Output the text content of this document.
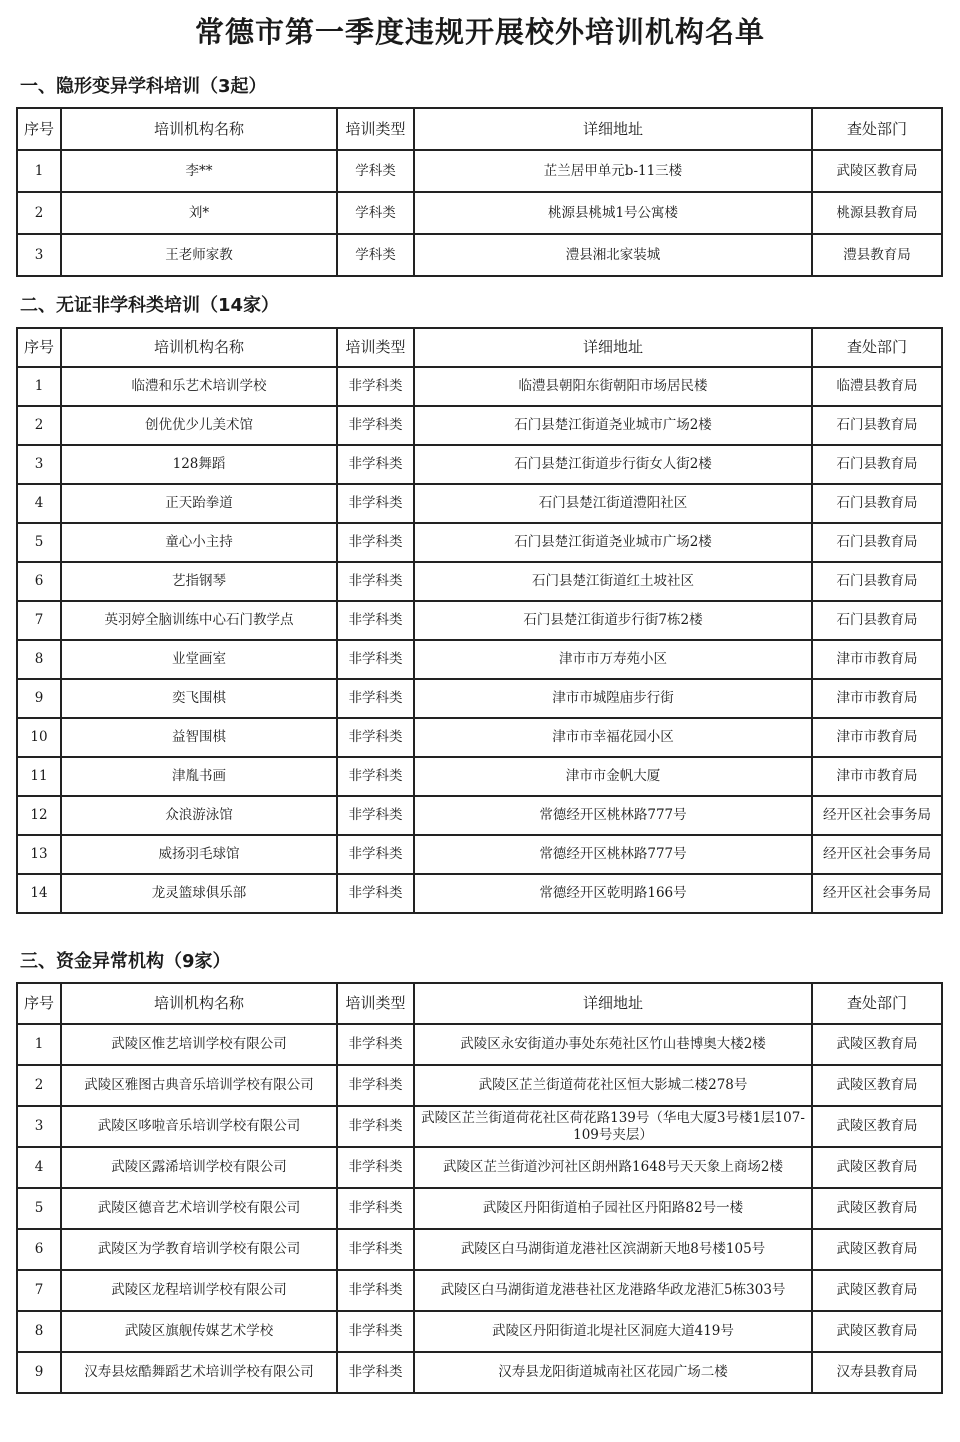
常德市第一季度违规开展校外培训机构名单
一、隐形变异学科培训（3起）
序号	培训机构名称	培训类型	详细地址	查处部门
1	李**	学科类	芷兰居甲单元b-11三楼	武陵区教育局
2	刘*	学科类	桃源县桃城1号公寓楼	桃源县教育局
3	王老师家教	学科类	澧县湘北家装城	澧县教育局
二、无证非学科类培训（14家）
序号	培训机构名称	培训类型	详细地址	查处部门
1	临澧和乐艺术培训学校	非学科类	临澧县朝阳东街朝阳市场居民楼	临澧县教育局
2	创优优少儿美术馆	非学科类	石门县楚江街道尧业城市广场2楼	石门县教育局
3	128舞蹈	非学科类	石门县楚江街道步行街女人街2楼	石门县教育局
4	正天跆拳道	非学科类	石门县楚江街道澧阳社区	石门县教育局
5	童心小主持	非学科类	石门县楚江街道尧业城市广场2楼	石门县教育局
6	艺指钢琴	非学科类	石门县楚江街道红土坡社区	石门县教育局
7	英羽婷全脑训练中心石门教学点	非学科类	石门县楚江街道步行街7栋2楼	石门县教育局
8	业堂画室	非学科类	津市市万寿苑小区	津市市教育局
9	奕飞围棋	非学科类	津市市城隍庙步行街	津市市教育局
10	益智围棋	非学科类	津市市幸福花园小区	津市市教育局
11	津胤书画	非学科类	津市市金帆大厦	津市市教育局
12	众浪游泳馆	非学科类	常德经开区桃林路777号	经开区社会事务局
13	威扬羽毛球馆	非学科类	常德经开区桃林路777号	经开区社会事务局
14	龙灵篮球俱乐部	非学科类	常德经开区乾明路166号	经开区社会事务局
三、资金异常机构（9家）
序号	培训机构名称	培训类型	详细地址	查处部门
1	武陵区惟艺培训学校有限公司	非学科类	武陵区永安街道办事处东苑社区竹山巷博奥大楼2楼	武陵区教育局
2	武陵区雅图古典音乐培训学校有限公司	非学科类	武陵区芷兰街道荷花社区恒大影城二楼278号	武陵区教育局
3	武陵区哆啦音乐培训学校有限公司	非学科类	武陵区芷兰街道荷花社区荷花路139号（华电大厦3号楼1层107-109号夹层）	武陵区教育局
4	武陵区露浠培训学校有限公司	非学科类	武陵区芷兰街道沙河社区朗州路1648号天天象上商场2楼	武陵区教育局
5	武陵区德音艺术培训学校有限公司	非学科类	武陵区丹阳街道柏子园社区丹阳路82号一楼	武陵区教育局
6	武陵区为学教育培训学校有限公司	非学科类	武陵区白马湖街道龙港社区滨湖新天地8号楼105号	武陵区教育局
7	武陵区龙程培训学校有限公司	非学科类	武陵区白马湖街道龙港巷社区龙港路华政龙港汇5栋303号	武陵区教育局
8	武陵区旗舰传媒艺术学校	非学科类	武陵区丹阳街道北堤社区洞庭大道419号	武陵区教育局
9	汉寿县炫酷舞蹈艺术培训学校有限公司	非学科类	汉寿县龙阳街道城南社区花园广场二楼	汉寿县教育局
